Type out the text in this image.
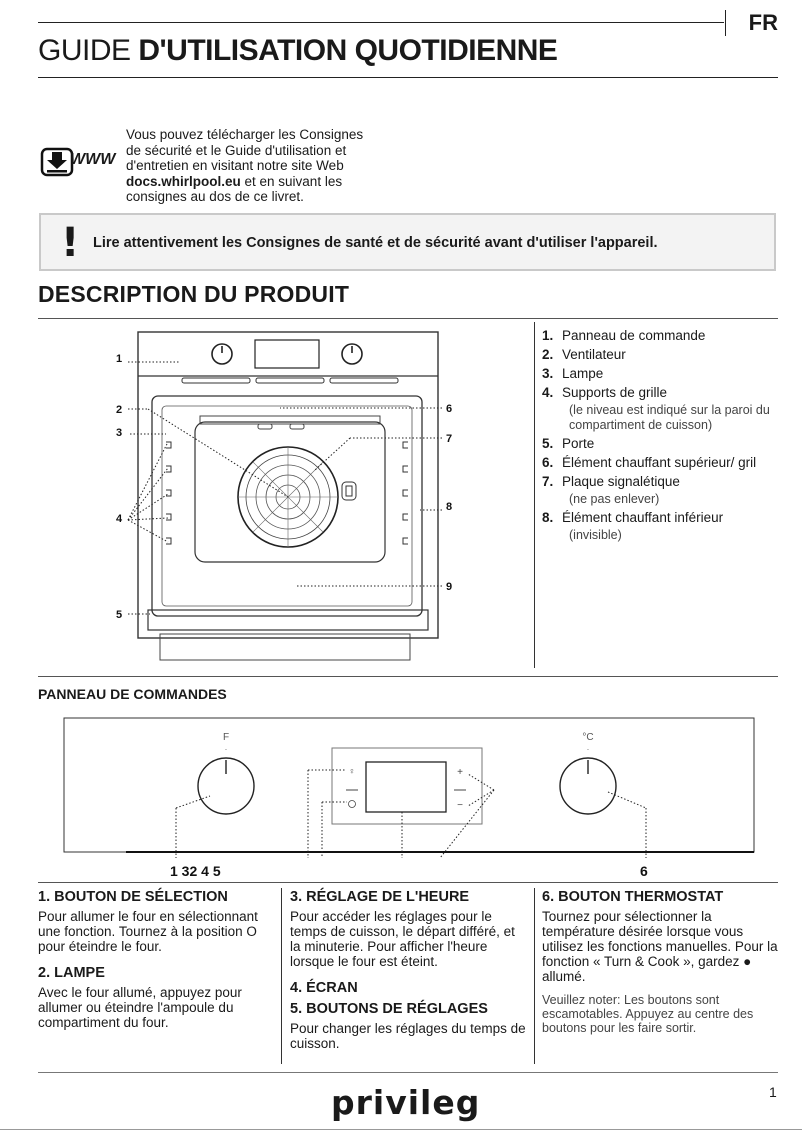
FR
GUIDE D'UTILISATION QUOTIDIENNE
WWW
Vous pouvez télécharger les Consignes
de sécurité et le Guide d'utilisation et
d'entretien en visitant notre site Web
docs.whirlpool.eu et en suivant les
consignes au dos de ce livret.
! Lire attentivement les Consignes de santé et de sécurité avant d'utiliser l'appareil.
DESCRIPTION DU PRODUIT
1
2
3
4
5
6
7
8
9
1. Panneau de commande
2. Ventilateur
3. Lampe
4. Supports de grille
(le niveau est indiqué sur la paroi du compartiment de cuisson)
5. Porte
6. Élément chauffant supérieur/ gril
7. Plaque signalétique
(ne pas enlever)
8. Élément chauffant inférieur
(invisible)
PANNEAU DE COMMANDES
F
.
°C
.
♀	+
−
1 32 4 5	6
1. BOUTON DE SÉLECTION
Pour allumer le four en sélectionnant une fonction. Tournez à la position O pour éteindre le four.
2. LAMPE
Avec le four allumé, appuyez pour allumer ou éteindre l'ampoule du compartiment du four.
3. RÉGLAGE DE L'HEURE
Pour accéder les réglages pour le temps de cuisson, le départ différé, et la minuterie. Pour afficher l'heure lorsque le four est éteint.
4. ÉCRAN
5. BOUTONS DE RÉGLAGES
Pour changer les réglages du temps de cuisson.
6. BOUTON THERMOSTAT
Tournez pour sélectionner la température désirée lorsque vous utilisez les fonctions manuelles. Pour la fonction « Turn & Cook », gardez ● allumé.
Veuillez noter: Les boutons sont escamotables. Appuyez au centre des boutons pour les faire sortir.
privileg	1
